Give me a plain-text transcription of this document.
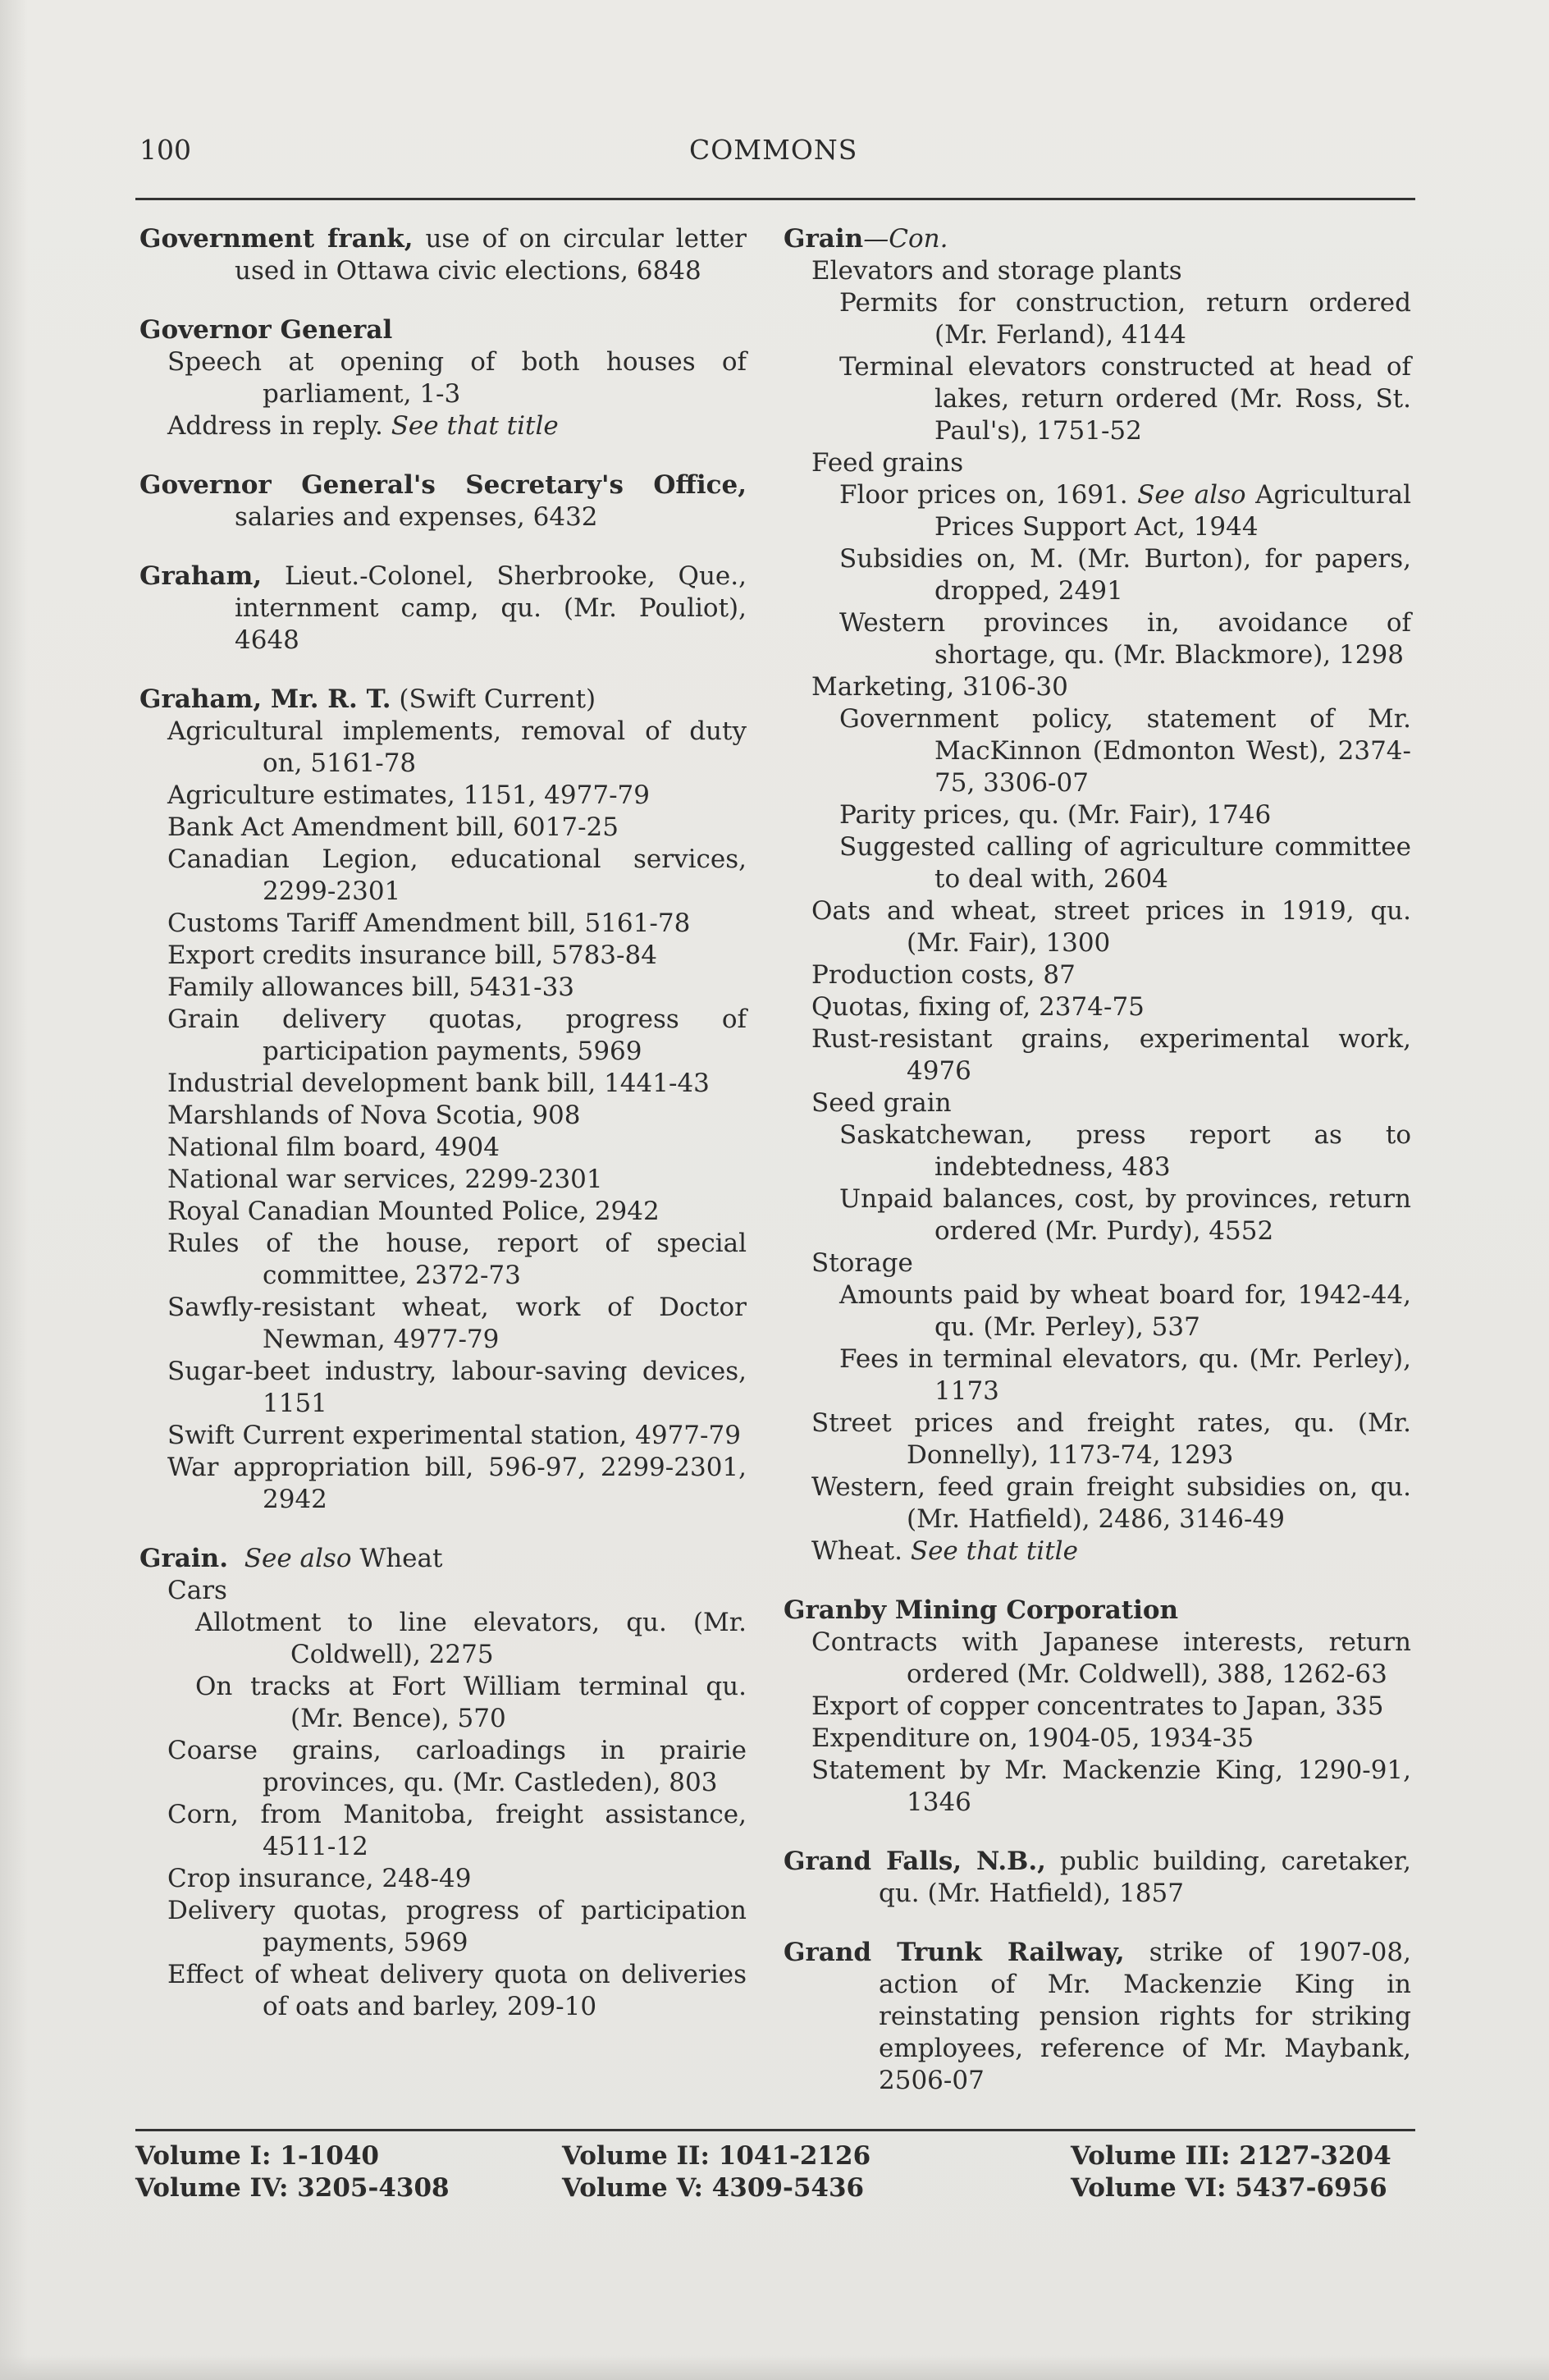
100	COMMONS
Government frank, use of on circular letter used in Ottawa civic elections, 6848
Governor General
Speech at opening of both houses of parliament, 1-3
Address in reply. See that title
Governor General's Secretary's Office, salaries and expenses, 6432
Graham, Lieut.-Colonel, Sherbrooke, Que., internment camp, qu. (Mr. Pouliot), 4648
Graham, Mr. R. T. (Swift Current)
Agricultural implements, removal of duty on, 5161-78
Agriculture estimates, 1151, 4977-79
Bank Act Amendment bill, 6017-25
Canadian Legion, educational services, 2299-2301
Customs Tariff Amendment bill, 5161-78
Export credits insurance bill, 5783-84
Family allowances bill, 5431-33
Grain delivery quotas, progress of participation payments, 5969
Industrial development bank bill, 1441-43
Marshlands of Nova Scotia, 908
National film board, 4904
National war services, 2299-2301
Royal Canadian Mounted Police, 2942
Rules of the house, report of special committee, 2372-73
Sawfly-resistant wheat, work of Doctor Newman, 4977-79
Sugar-beet industry, labour-saving devices, 1151
Swift Current experimental station, 4977-79
War appropriation bill, 596-97, 2299-2301, 2942
Grain. See also Wheat
Cars
Allotment to line elevators, qu. (Mr. Coldwell), 2275
On tracks at Fort William terminal qu. (Mr. Bence), 570
Coarse grains, carloadings in prairie provinces, qu. (Mr. Castleden), 803
Corn, from Manitoba, freight assistance, 4511-12
Crop insurance, 248-49
Delivery quotas, progress of participation payments, 5969
Effect of wheat delivery quota on deliveries of oats and barley, 209-10
Grain—Con.
Elevators and storage plants
Permits for construction, return ordered (Mr. Ferland), 4144
Terminal elevators constructed at head of lakes, return ordered (Mr. Ross, St. Paul's), 1751-52
Feed grains
Floor prices on, 1691. See also Agricultural Prices Support Act, 1944
Subsidies on, M. (Mr. Burton), for papers, dropped, 2491
Western provinces in, avoidance of shortage, qu. (Mr. Blackmore), 1298
Marketing, 3106-30
Government policy, statement of Mr. MacKinnon (Edmonton West), 2374-75, 3306-07
Parity prices, qu. (Mr. Fair), 1746
Suggested calling of agriculture committee to deal with, 2604
Oats and wheat, street prices in 1919, qu. (Mr. Fair), 1300
Production costs, 87
Quotas, fixing of, 2374-75
Rust-resistant grains, experimental work, 4976
Seed grain
Saskatchewan, press report as to indebtedness, 483
Unpaid balances, cost, by provinces, return ordered (Mr. Purdy), 4552
Storage
Amounts paid by wheat board for, 1942-44, qu. (Mr. Perley), 537
Fees in terminal elevators, qu. (Mr. Perley), 1173
Street prices and freight rates, qu. (Mr. Donnelly), 1173-74, 1293
Western, feed grain freight subsidies on, qu. (Mr. Hatfield), 2486, 3146-49
Wheat. See that title
Granby Mining Corporation
Contracts with Japanese interests, return ordered (Mr. Coldwell), 388, 1262-63
Export of copper concentrates to Japan, 335
Expenditure on, 1904-05, 1934-35
Statement by Mr. Mackenzie King, 1290-91, 1346
Grand Falls, N.B., public building, caretaker, qu. (Mr. Hatfield), 1857
Grand Trunk Railway, strike of 1907-08, action of Mr. Mackenzie King in reinstating pension rights for striking employees, reference of Mr. Maybank, 2506-07
Volume I: 1-1040
Volume IV: 3205-4308
Volume II: 1041-2126
Volume V: 4309-5436
Volume III: 2127-3204
Volume VI: 5437-6956
